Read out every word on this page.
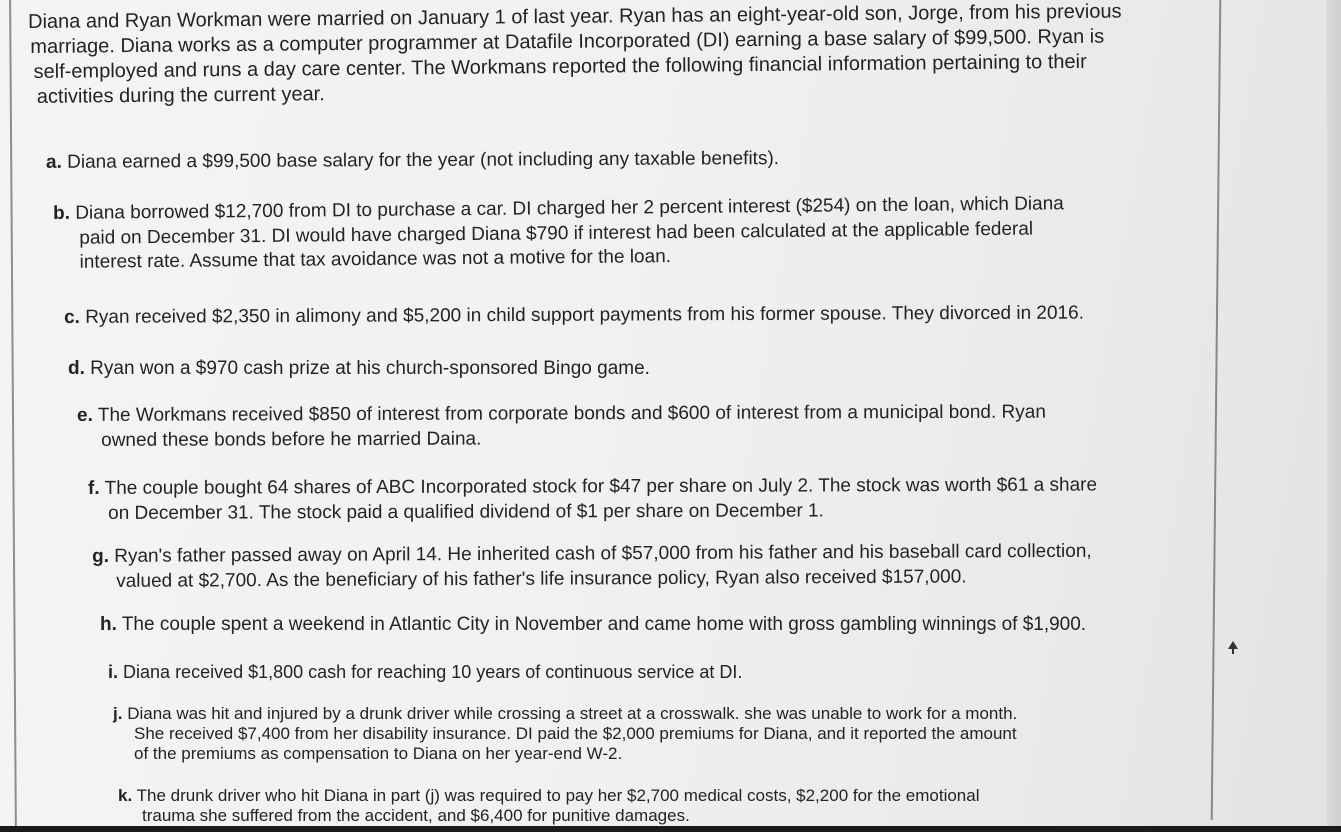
Diana and Ryan Workman were married on January 1 of last year. Ryan has an eight-year-old son, Jorge, from his previous
marriage. Diana works as a computer programmer at Datafile Incorporated (DI) earning a base salary of $99,500. Ryan is
self-employed and runs a day care center. The Workmans reported the following financial information pertaining to their
activities during the current year.
a. Diana earned a $99,500 base salary for the year (not including any taxable benefits).
b. Diana borrowed $12,700 from DI to purchase a car. DI charged her 2 percent interest ($254) on the loan, which Diana
paid on December 31. DI would have charged Diana $790 if interest had been calculated at the applicable federal
interest rate. Assume that tax avoidance was not a motive for the loan.
c. Ryan received $2,350 in alimony and $5,200 in child support payments from his former spouse. They divorced in 2016.
d. Ryan won a $970 cash prize at his church-sponsored Bingo game.
e. The Workmans received $850 of interest from corporate bonds and $600 of interest from a municipal bond. Ryan
owned these bonds before he married Daina.
f. The couple bought 64 shares of ABC Incorporated stock for $47 per share on July 2. The stock was worth $61 a share
on December 31. The stock paid a qualified dividend of $1 per share on December 1.
g. Ryan's father passed away on April 14. He inherited cash of $57,000 from his father and his baseball card collection,
valued at $2,700. As the beneficiary of his father's life insurance policy, Ryan also received $157,000.
h. The couple spent a weekend in Atlantic City in November and came home with gross gambling winnings of $1,900.
i. Diana received $1,800 cash for reaching 10 years of continuous service at DI.
j. Diana was hit and injured by a drunk driver while crossing a street at a crosswalk. she was unable to work for a month.
She received $7,400 from her disability insurance. DI paid the $2,000 premiums for Diana, and it reported the amount
of the premiums as compensation to Diana on her year-end W-2.
k. The drunk driver who hit Diana in part (j) was required to pay her $2,700 medical costs, $2,200 for the emotional
trauma she suffered from the accident, and $6,400 for punitive damages.
